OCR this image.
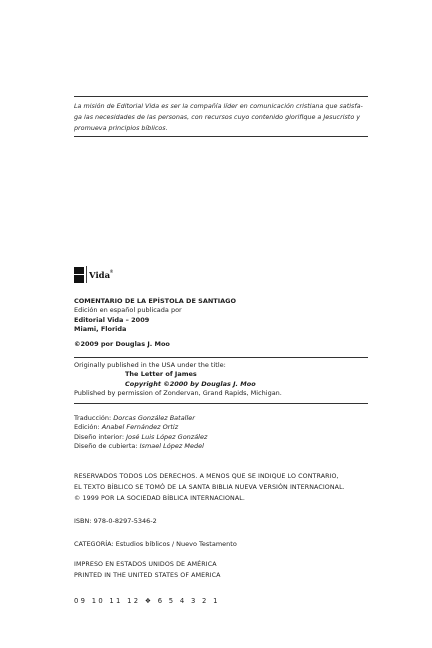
La misión de Editorial Vida es ser la compañía líder en comunicación cristiana que satisfa-
ga las necesidades de las personas, con recursos cuyo contenido glorifique a Jesucristo y
promueva principios bíblicos.
Vida ®
COMENTARIO DE LA EPÍSTOLA DE SANTIAGO
Edición en español publicada por
Editorial Vida – 2009
Miami, Florida
©2009 por Douglas J. Moo
Originally published in the USA under the title:
The Letter of James
Copyright ©2000 by Douglas J. Moo
Published by permission of Zondervan, Grand Rapids, Michigan.
Traducción: Dorcas González Bataller
Edición: Anabel Fernández Ortiz
Diseño interior: José Luis López González
Diseño de cubierta: Ismael López Medel
RESERVADOS TODOS LOS DERECHOS. A MENOS QUE SE INDIQUE LO CONTRARIO,
EL TEXTO BÍBLICO SE TOMÓ DE LA SANTA BIBLIA NUEVA VERSIÓN INTERNACIONAL.
© 1999 POR LA SOCIEDAD BÍBLICA INTERNACIONAL.
ISBN: 978-0-8297-5346-2
CATEGORÍA: Estudios bíblicos / Nuevo Testamento
IMPRESO EN ESTADOS UNIDOS DE AMÉRICA
PRINTED IN THE UNITED STATES OF AMERICA
09 10 11 12 ❖ 6 5 4 3 2 1
